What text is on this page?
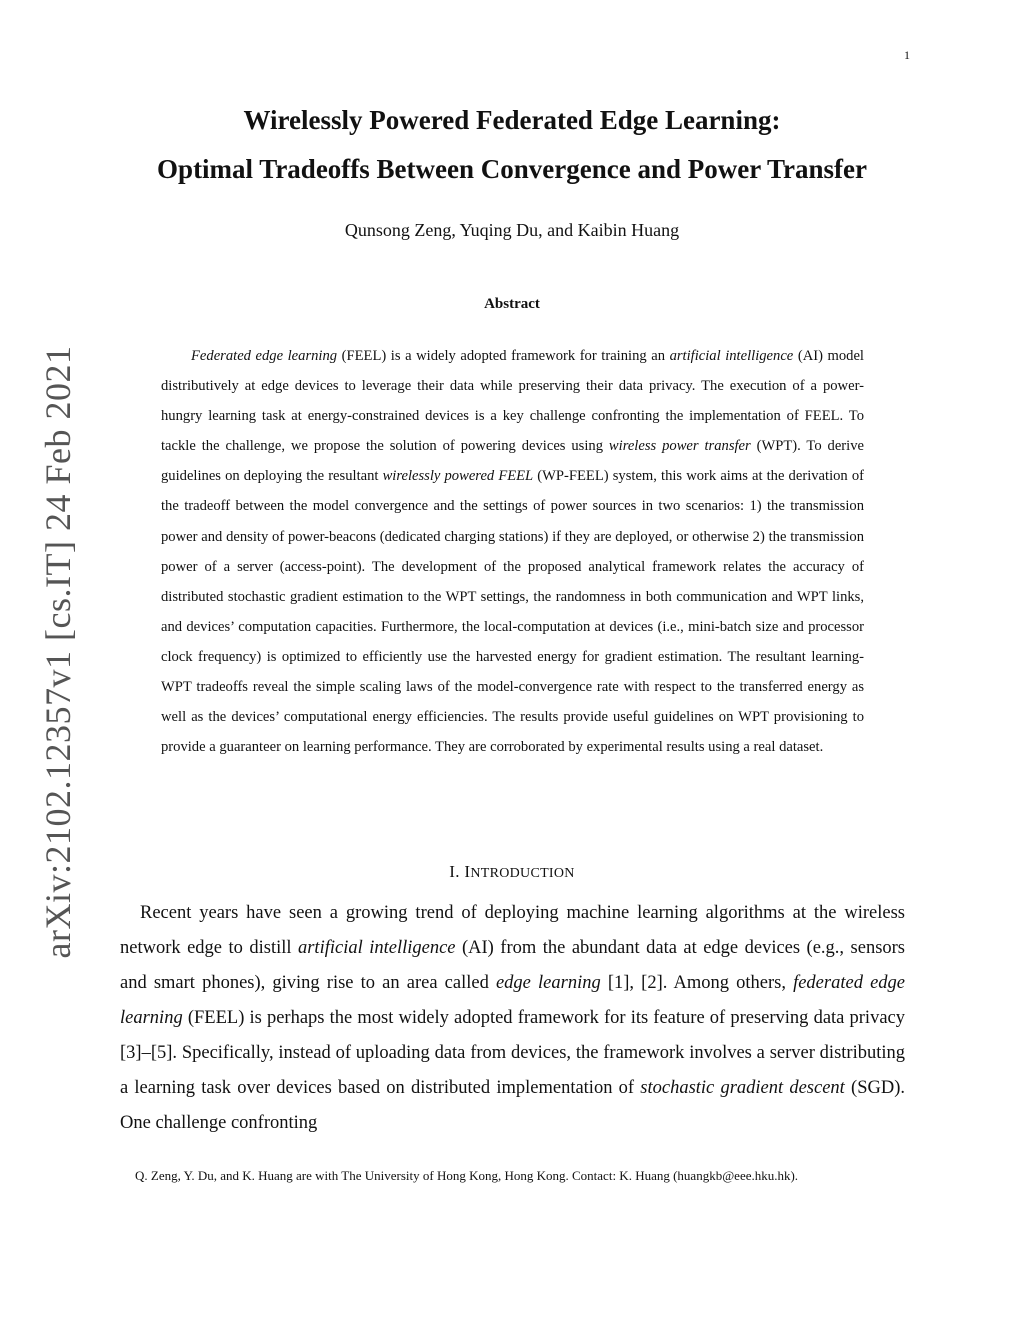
1
arXiv:2102.12357v1 [cs.IT] 24 Feb 2021
Wirelessly Powered Federated Edge Learning:
Optimal Tradeoffs Between Convergence and Power Transfer
Qunsong Zeng, Yuqing Du, and Kaibin Huang
Abstract

Federated edge learning (FEEL) is a widely adopted framework for training an artificial intelligence (AI) model distributively at edge devices to leverage their data while preserving their data privacy. The execution of a power-hungry learning task at energy-constrained devices is a key challenge confronting the implementation of FEEL. To tackle the challenge, we propose the solution of powering devices using wireless power transfer (WPT). To derive guidelines on deploying the resultant wirelessly powered FEEL (WP-FEEL) system, this work aims at the derivation of the tradeoff between the model convergence and the settings of power sources in two scenarios: 1) the transmission power and density of power-beacons (dedicated charging stations) if they are deployed, or otherwise 2) the transmission power of a server (access-point). The development of the proposed analytical framework relates the accuracy of distributed stochastic gradient estimation to the WPT settings, the randomness in both communication and WPT links, and devices’ computation capacities. Furthermore, the local-computation at devices (i.e., mini-batch size and processor clock frequency) is optimized to efficiently use the harvested energy for gradient estimation. The resultant learning-WPT tradeoffs reveal the simple scaling laws of the model-convergence rate with respect to the transferred energy as well as the devices’ computational energy efficiencies. The results provide useful guidelines on WPT provisioning to provide a guaranteer on learning performance. They are corroborated by experimental results using a real dataset.

I. INTRODUCTION

Recent years have seen a growing trend of deploying machine learning algorithms at the wireless network edge to distill artificial intelligence (AI) from the abundant data at edge devices (e.g., sensors and smart phones), giving rise to an area called edge learning [1], [2]. Among others, federated edge learning (FEEL) is perhaps the most widely adopted framework for its feature of preserving data privacy [3]–[5]. Specifically, instead of uploading data from devices, the framework involves a server distributing a learning task over devices based on distributed implementation of stochastic gradient descent (SGD). One challenge confronting

Q. Zeng, Y. Du, and K. Huang are with The University of Hong Kong, Hong Kong. Contact: K. Huang (huangkb@eee.hku.hk).
